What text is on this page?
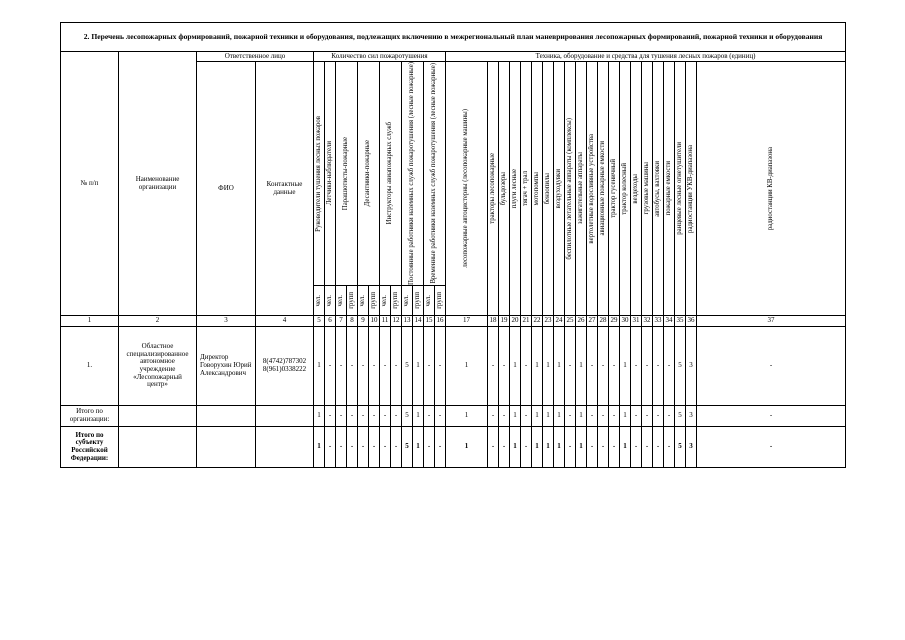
2. Перечень лесопожарных формирований, пожарной техники и оборудования, подлежащих включению в межрегиональный план маневрирования лесопожарных формирований, пожарной техники и оборудования																																				
№ п/п	Наименование организации	Ответственное лицо		Количество сил пожаротушения												Техника, оборудование и средства для тушения лесных пожаров (единиц)																				
		ФИО	Контактные данные	Руководители тушения лесных пожаров	Летчики-наблюдатели	Парашютисты-пожарные		Десантники-пожарные		Инструкторы авиапожарных служб		Постоянные работники наземных служб пожаротушения (лесные пожарные)		Временные работники наземных служб пожаротушения (лесные пожарные)		лесопожарные автоцистерны (лесопожарные машины)	тракторы лесопожарные	бульдозеры	плуги лесные	тягач + трал	мотопомпы	бензопилы	воздуходувки	беспилотные летательные аппараты (комплексы)	зажигательные аппараты	вертолетные водосливные устройства	авиационные пожарные емкости	трактор гусеничный	трактор колесный	вездеходы	грузовые машины	автобусы, вахтовки	пожарные емкости	ранцевые лесные огнетушители	радиостанции УКВ-диапазона	радиостанции КВ-диапазона

				чел.	чел.	чел.	групп	чел.	групп	чел.	групп	чел.	групп	чел.	групп																					

1	2	3	4	5	6	7	8	9	10	11	12	13	14	15	16	17	18	19	20	21	22	23	24	25	26	27	28	29	30	31	32	33	34	35	36	37
1.	Областное специализированное автономное учреждение «Лесопожарный центр»	Директор Говорухин Юрий Александрович	8(4742)787302 8(961)0338222	1	-	-	-	-	-	-	-	5	1	-	-	1	-	-	1	-	1	1	1	-	1	-	-	-	1	-	-	-	-	5	3	-
Итого по организации:				1	-	-	-	-	-	-	-	5	1	-	-	1	-	-	1	-	1	1	1	-	1	-	-	-	1	-	-	-	-	5	3	-
Итого по субъекту Российской Федерации:				1	-	-	-	-	-	-	-	5	1	-	-	1	-	-	1	-	1	1	1	-	1	-	-	-	1	-	-	-	-	5	3	-
